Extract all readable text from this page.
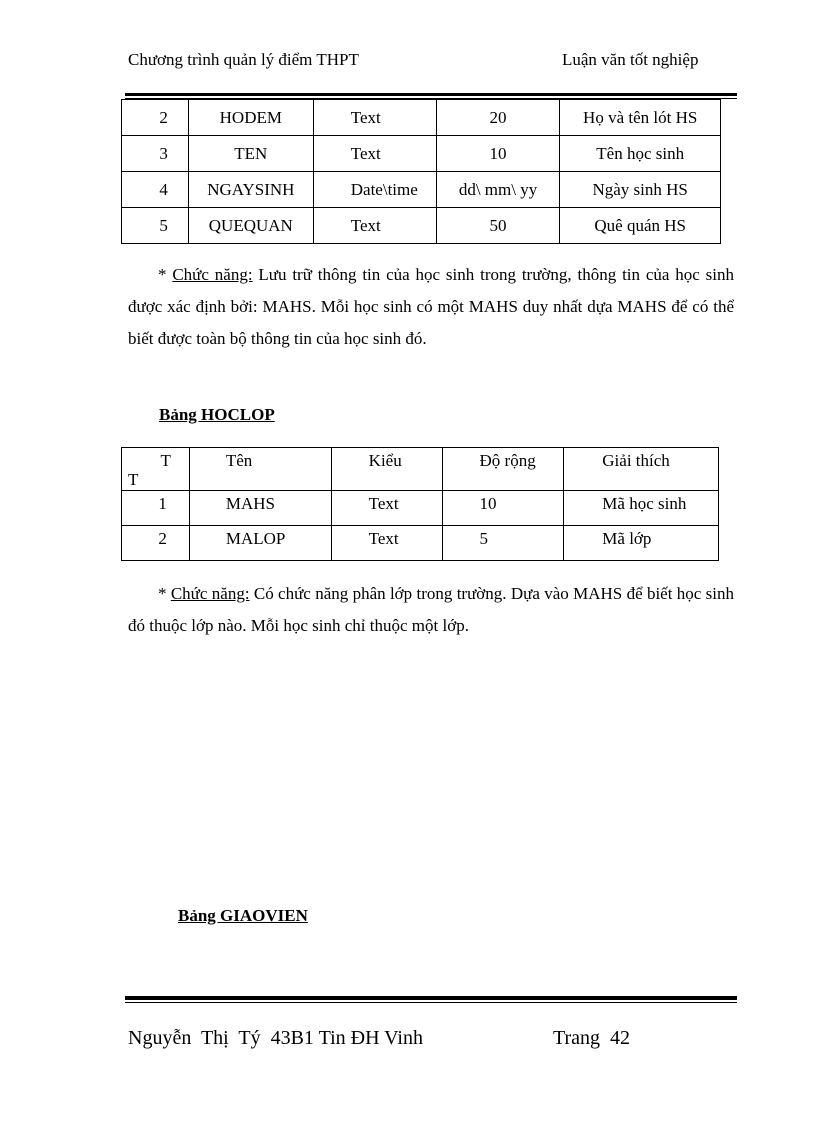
Chương trình quản lý điểm THPT	Luận văn tốt nghiệp
2	HODEM	Text	20	Họ và tên lót HS
3	TEN	Text	10	Tên học sinh
4	NGAYSINH	Date\time	dd\ mm\ yy	Ngày sinh HS
5	QUEQUAN	Text	50	Quê quán HS
* Chức năng: Lưu trữ thông tin của học sinh trong trường, thông tin của học sinh được xác định bởi: MAHS. Mỗi học sinh có một MAHS duy nhất dựa MAHS để có thể biết được toàn bộ thông tin của học sinh đó.
Bảng HOCLOP
T
T	Tên	Kiểu	Độ rộng	Giải thích
1	MAHS	Text	10	Mã học sinh
2	MALOP	Text	5	Mã lớp
* Chức năng: Có chức năng phân lớp trong trường. Dựa vào MAHS để biết học sinh đó thuộc lớp nào. Mỗi học sinh chỉ thuộc một lớp.
Bảng GIAOVIEN
Nguyễn  Thị  Tý  43B1 Tin ĐH Vinh	Trang  42
